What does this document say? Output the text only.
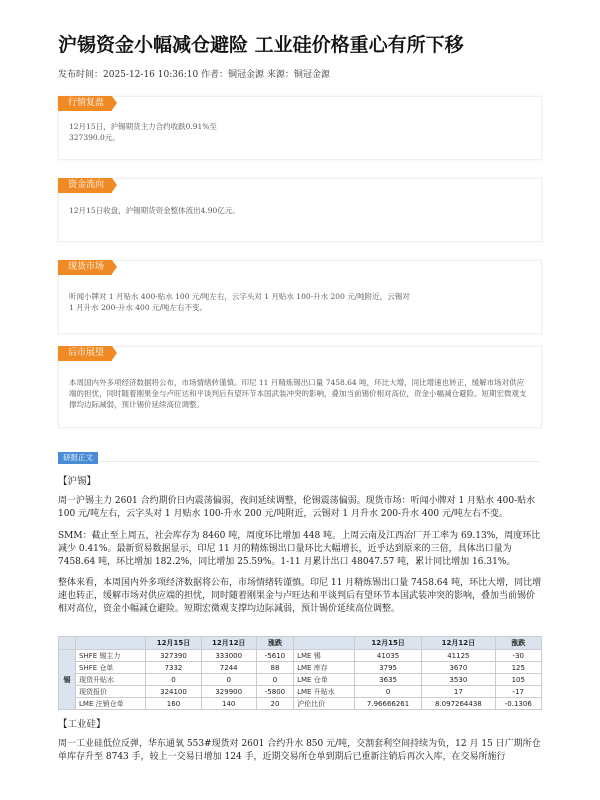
沪锡资金小幅减仓避险 工业硅价格重心有所下移
发布时间：2025-12-16 10:36:10 作者：铜冠金源 来源：铜冠金源
行情复盘
12月15日，沪锡期货主力合约收跌0.91%至327390.0元。
资金流向
12月15日收盘，沪锡期货资金整体流出4.90亿元。
现货市场
听闻小牌对 1 月贴水 400-贴水 100 元/吨左右，云字头对 1 月贴水 100-升水 200 元/吨附近，云锡对 1 月升水 200-升水 400 元/吨左右不变。
后市展望
本周国内外多项经济数据将公布，市场情绪转谨慎。印尼 11 月精炼锡出口量 7458.64 吨，环比大增，同比增速也转正，缓解市场对供应端的担忧，同时随着刚果金与卢旺达和平谈判后有望环节本国武装冲突的影响，叠加当前锡价相对高位，资金小幅减仓避险。短期宏微观支撑均边际减弱，预计锡价延续高位调整。
研报正文
【沪锡】
周一沪锡主力 2601 合约期价日内震荡偏弱，夜间延续调整，伦锡震荡偏弱。现货市场：听闻小牌对 1 月贴水 400-贴水 100 元/吨左右，云字头对 1 月贴水 100-升水 200 元/吨附近，云锡对 1 月升水 200-升水 400 元/吨左右不变。
SMM：截止至上周五，社会库存为 8460 吨，周度环比增加 448 吨。上周云南及江西冶厂开工率为 69.13%，周度环比减少 0.41%。最新贸易数据显示，印尼 11 月的精炼锡出口量环比大幅增长，近乎达到原来的三倍，具体出口量为 7458.64 吨，环比增加 182.2%，同比增加 25.59%。1-11 月累计出口 48047.57 吨，累计同比增加 16.31%。
整体来看，本周国内外多项经济数据将公布，市场情绪转谨慎。印尼 11 月精炼锡出口量 7458.64 吨，环比大增，同比增速也转正，缓解市场对供应端的担忧，同时随着刚果金与卢旺达和平谈判后有望环节本国武装冲突的影响，叠加当前锡价相对高位，资金小幅减仓避险。短期宏微观支撑均边际减弱，预计锡价延续高位调整。
		12月15日	12月12日	涨跌		12月15日	12月12日	涨跌
锡	SHFE 锡主力	327390	333000	-5610	LME 锡	41035	41125	-30
	SHFE 仓单	7332	7244	88	LME 库存	3795	3670	125
	现货升贴水	0	0	0	LME 仓单	3635	3530	105
	现货报价	324100	329900	-5800	LME 升贴水	0	17	-17
	LME 注销仓单	160	140	20	沪伦比价	7.96666261	8.097264438	-0.1306
【工业硅】
周一工业硅低位反弹，华东通氧 553#现货对 2601 合约升水 850 元/吨，交割套利空间持续为负，12 月 15 日广期所仓单库存升至 8743 手，较上一交易日增加 124 手，近期交易所仓单到期后已重新注销后再次入库，在交易所施行
